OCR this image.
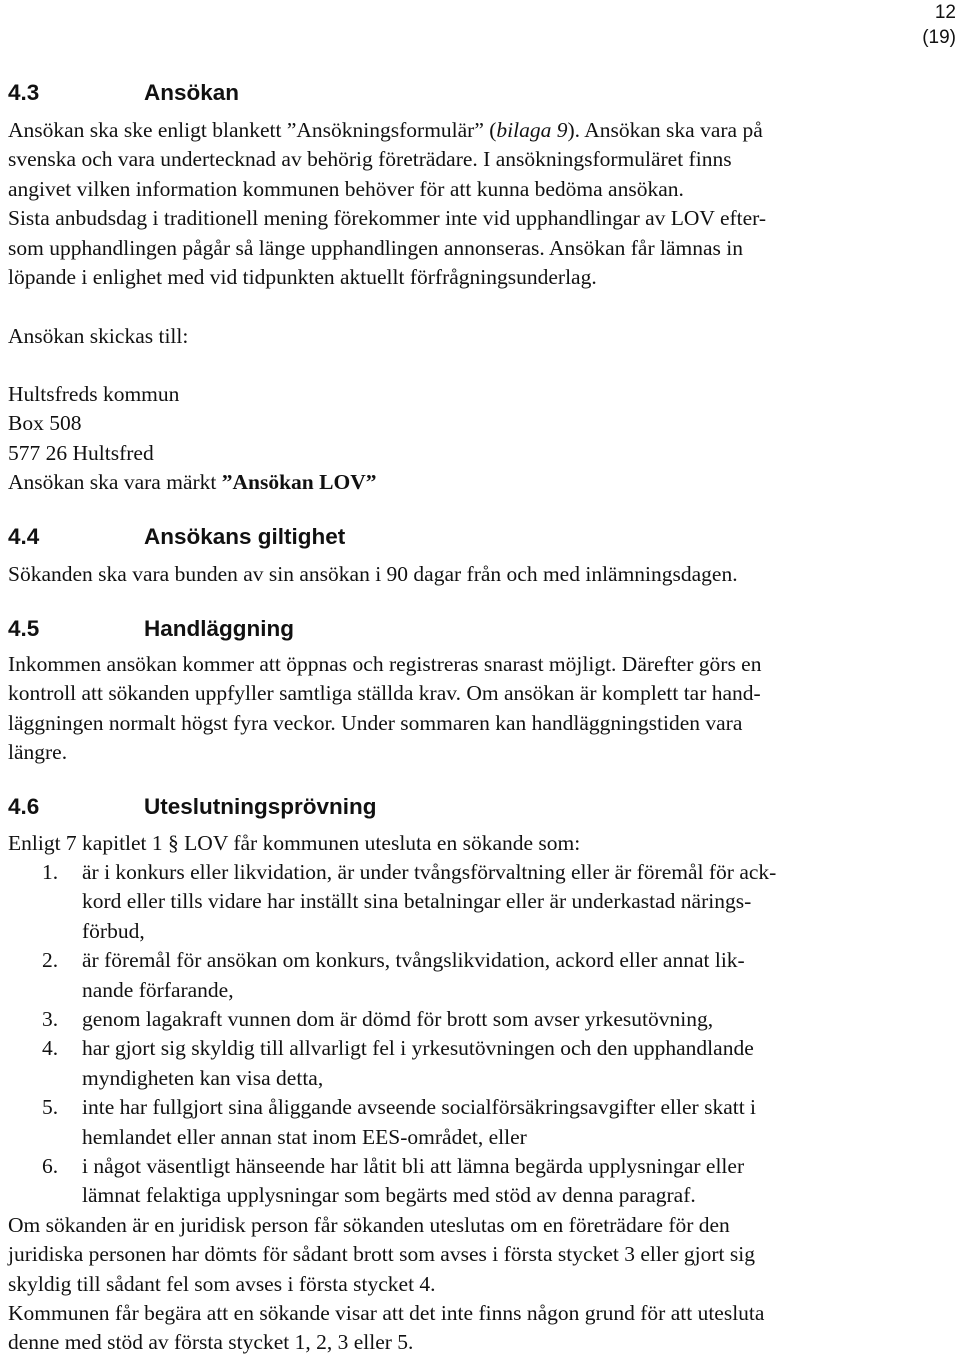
12
(19)
4.3	Ansökan
Ansökan ska ske enligt blankett ”Ansökningsformulär” (bilaga 9). Ansökan ska vara på
svenska och vara undertecknad av behörig företrädare. I ansökningsformuläret finns
angivet vilken information kommunen behöver för att kunna bedöma ansökan.
Sista anbudsdag i traditionell mening förekommer inte vid upphandlingar av LOV efter-
som upphandlingen pågår så länge upphandlingen annonseras. Ansökan får lämnas in
löpande i enlighet med vid tidpunkten aktuellt förfrågningsunderlag.
Ansökan skickas till:
Hultsfreds kommun
Box 508
577 26 Hultsfred
Ansökan ska vara märkt ”Ansökan LOV”
4.4	Ansökans giltighet
Sökanden ska vara bunden av sin ansökan i 90 dagar från och med inlämningsdagen.
4.5	Handläggning
Inkommen ansökan kommer att öppnas och registreras snarast möjligt. Därefter görs en
kontroll att sökanden uppfyller samtliga ställda krav. Om ansökan är komplett tar hand-
läggningen normalt högst fyra veckor. Under sommaren kan handläggningstiden vara
längre.
4.6	Uteslutningsprövning
Enligt 7 kapitlet 1 § LOV får kommunen utesluta en sökande som:
1. är i konkurs eller likvidation, är under tvångsförvaltning eller är föremål för ack-
kord eller tills vidare har inställt sina betalningar eller är underkastad närings-
förbud,
2. är föremål för ansökan om konkurs, tvångslikvidation, ackord eller annat lik-
nande förfarande,
3. genom lagakraft vunnen dom är dömd för brott som avser yrkesutövning,
4. har gjort sig skyldig till allvarligt fel i yrkesutövningen och den upphandlande
myndigheten kan visa detta,
5. inte har fullgjort sina åliggande avseende socialförsäkringsavgifter eller skatt i
hemlandet eller annan stat inom EES-området, eller
6. i något väsentligt hänseende har låtit bli att lämna begärda upplysningar eller
lämnat felaktiga upplysningar som begärts med stöd av denna paragraf.
Om sökanden är en juridisk person får sökanden uteslutas om en företrädare för den
juridiska personen har dömts för sådant brott som avses i första stycket 3 eller gjort sig
skyldig till sådant fel som avses i första stycket 4.
Kommunen får begära att en sökande visar att det inte finns någon grund för att utesluta
denne med stöd av första stycket 1, 2, 3 eller 5.
